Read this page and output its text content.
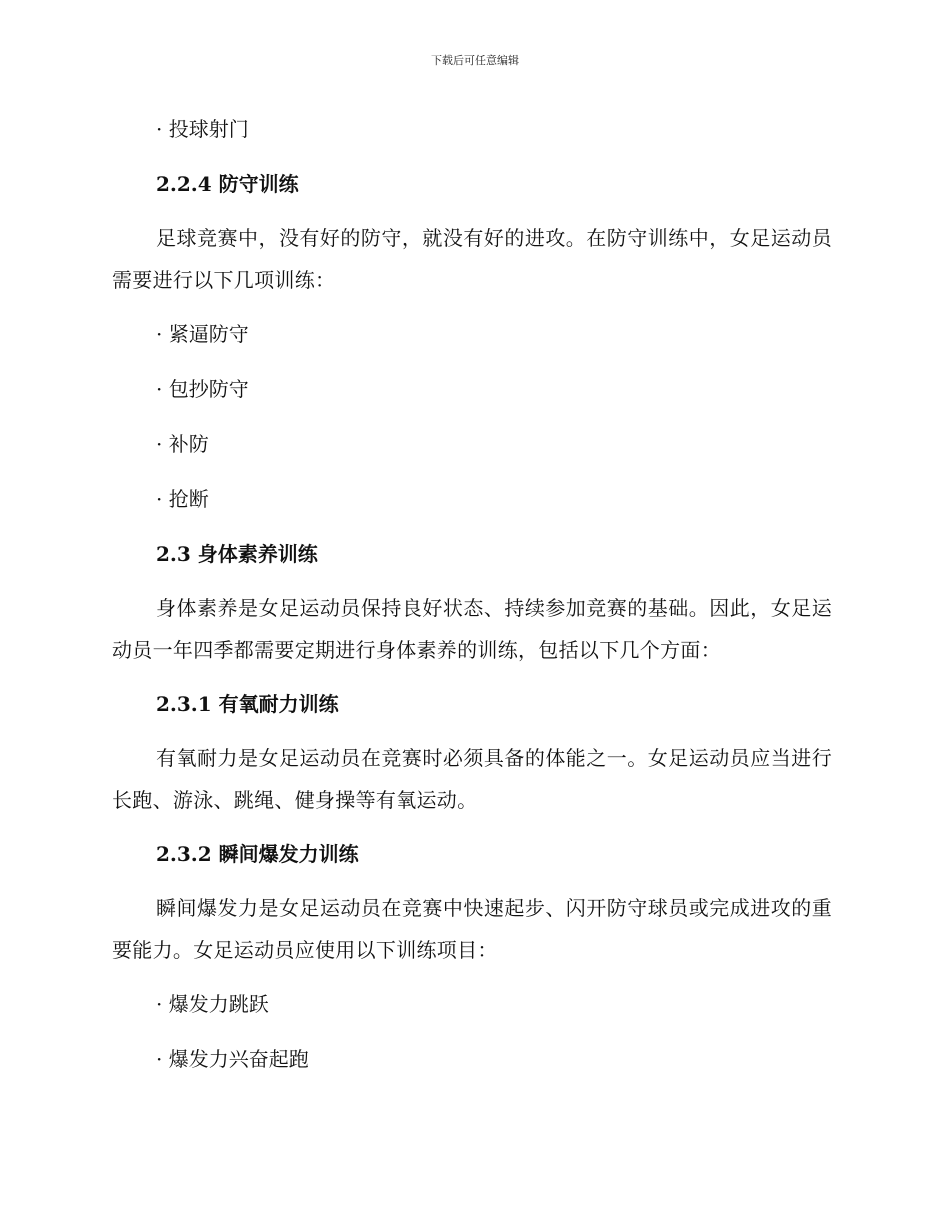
下载后可任意编辑

· 投球射门

2.2.4 防守训练

足球竞赛中，没有好的防守，就没有好的进攻。在防守训练中，女足运动员需要进行以下几项训练：

· 紧逼防守

· 包抄防守

· 补防

· 抢断

2.3 身体素养训练

身体素养是女足运动员保持良好状态、持续参加竞赛的基础。因此，女足运动员一年四季都需要定期进行身体素养的训练，包括以下几个方面：

2.3.1 有氧耐力训练

有氧耐力是女足运动员在竞赛时必须具备的体能之一。女足运动员应当进行长跑、游泳、跳绳、健身操等有氧运动。

2.3.2 瞬间爆发力训练

瞬间爆发力是女足运动员在竞赛中快速起步、闪开防守球员或完成进攻的重要能力。女足运动员应使用以下训练项目：

· 爆发力跳跃

· 爆发力兴奋起跑
